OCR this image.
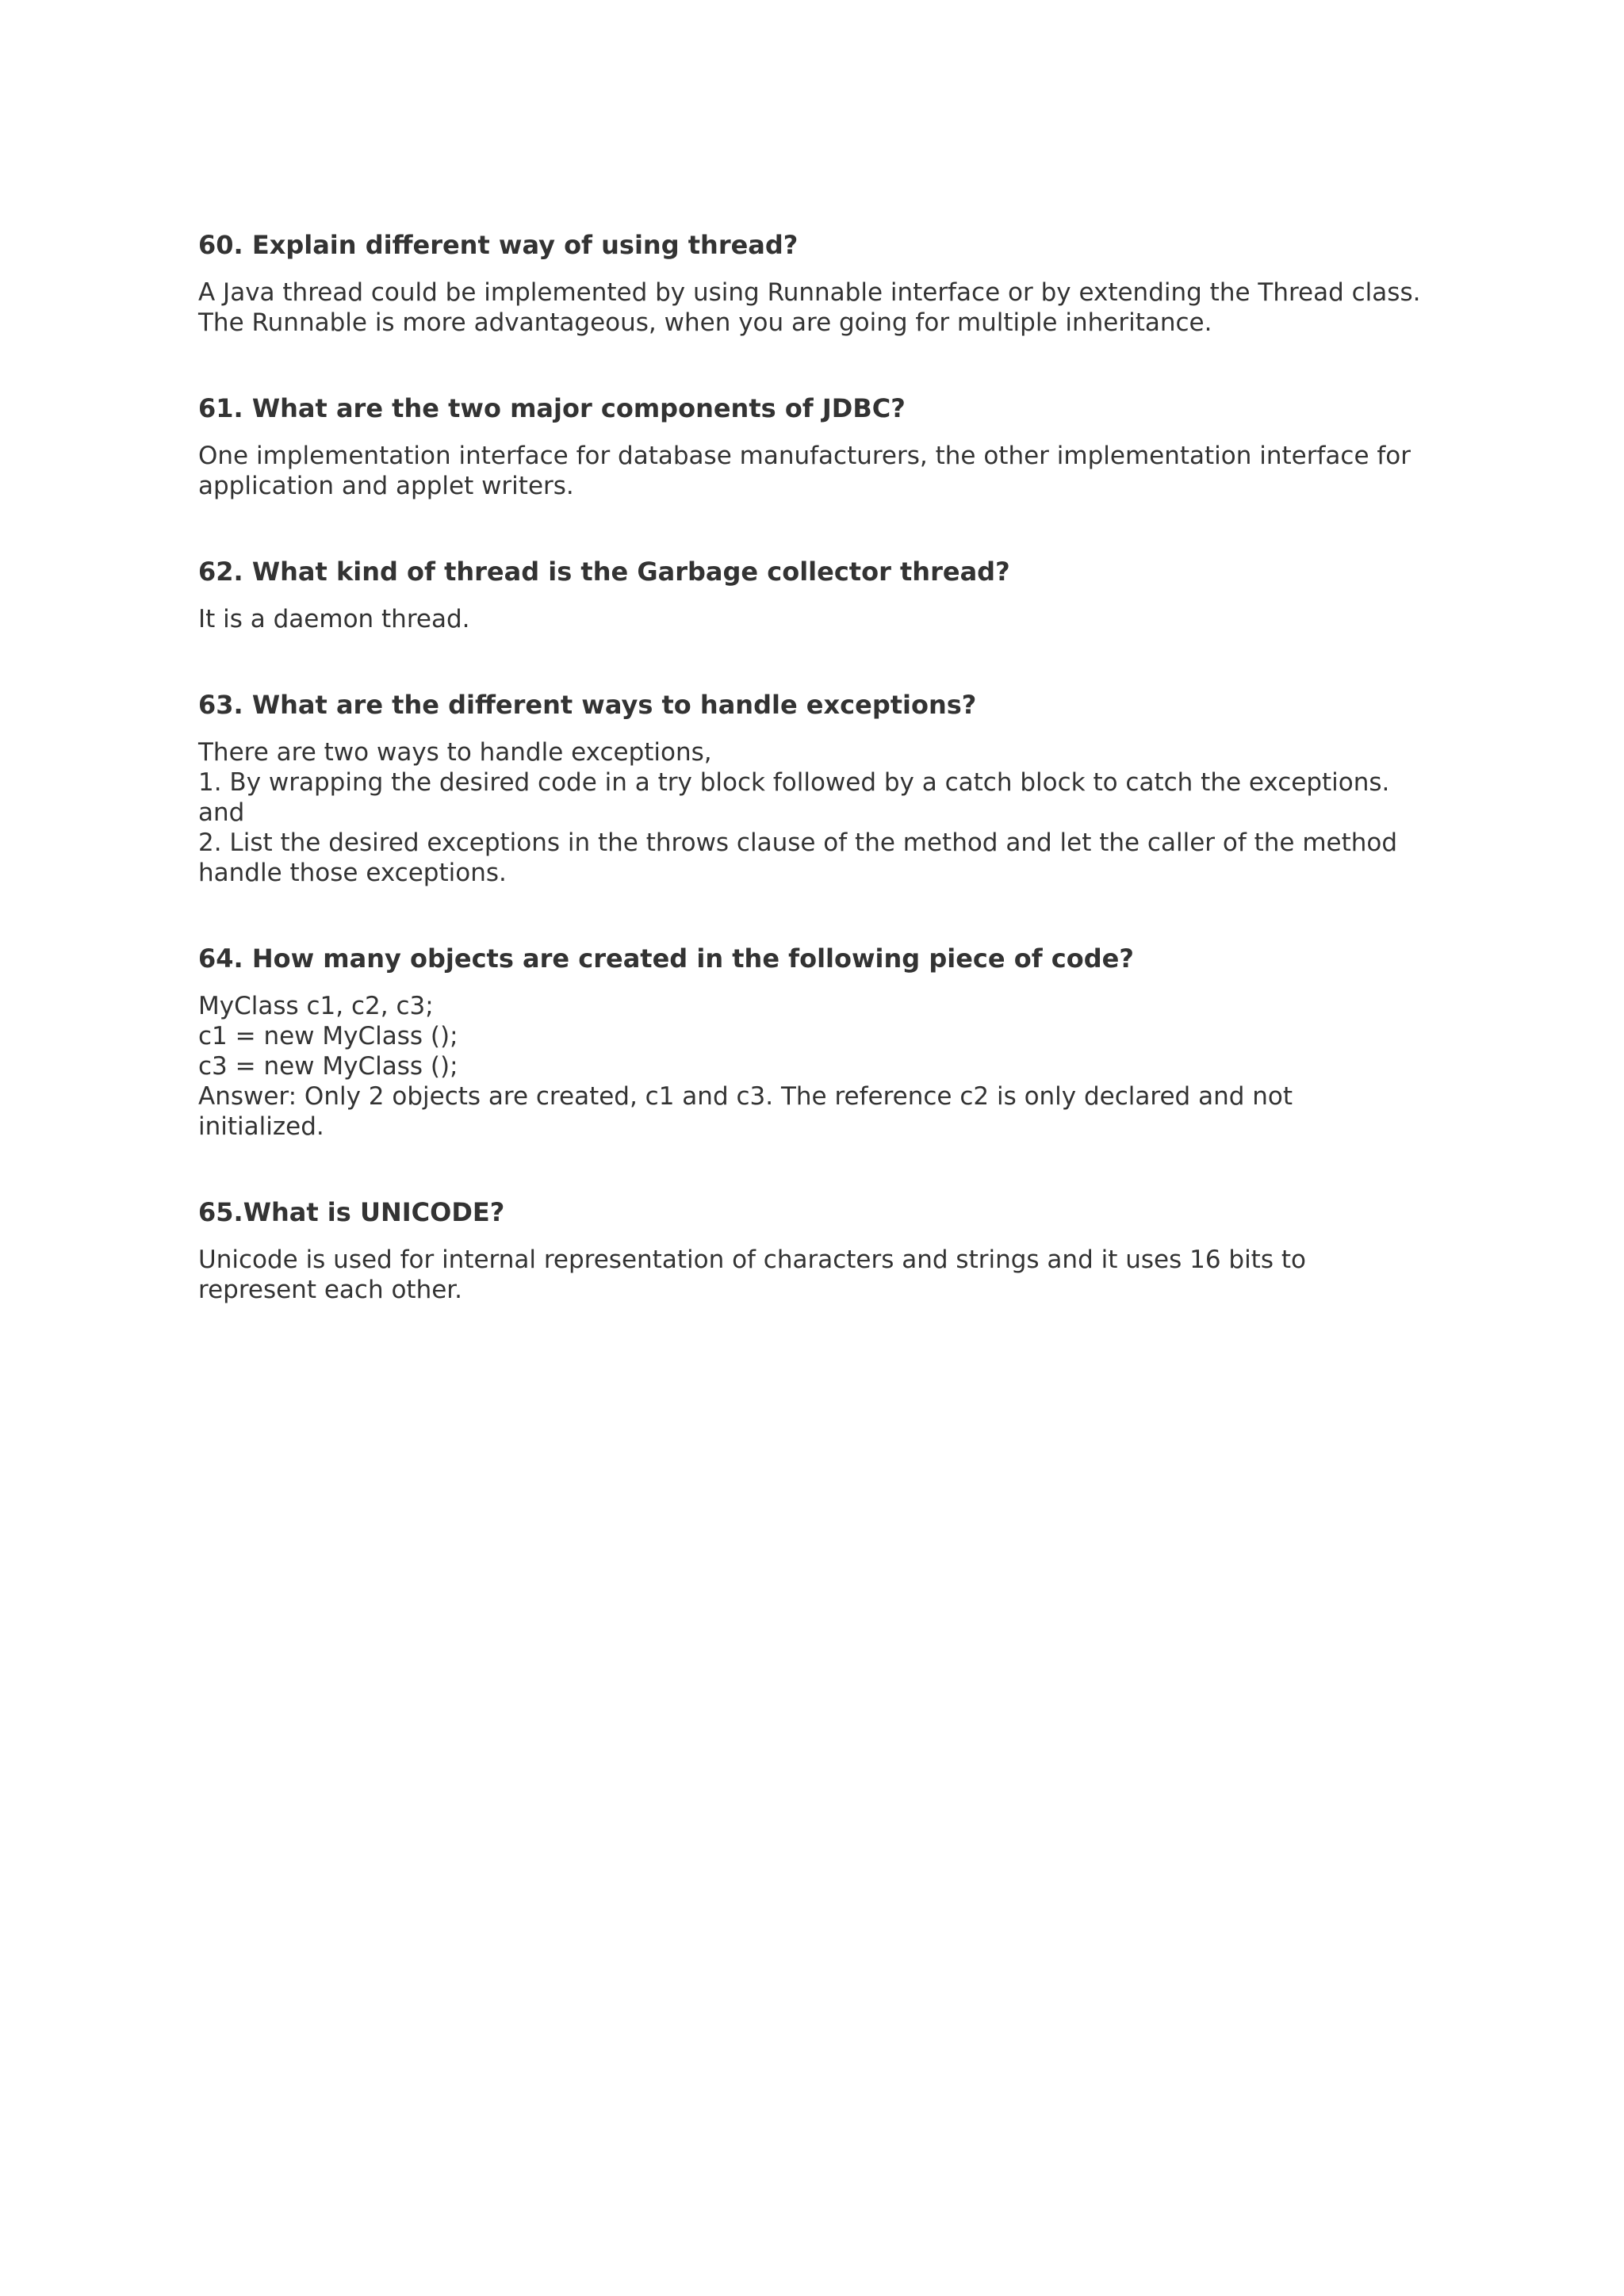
60. Explain different way of using thread?

A Java thread could be implemented by using Runnable interface or by extending the Thread class.

The Runnable is more advantageous, when you are going for multiple inheritance.

61. What are the two major components of JDBC?

One implementation interface for database manufacturers, the other implementation interface for

application and applet writers.

62. What kind of thread is the Garbage collector thread?

It is a daemon thread.

63. What are the different ways to handle exceptions?

There are two ways to handle exceptions,

1. By wrapping the desired code in a try block followed by a catch block to catch the exceptions.

and

2. List the desired exceptions in the throws clause of the method and let the caller of the method

handle those exceptions.

64. How many objects are created in the following piece of code?

MyClass c1, c2, c3;

c1 = new MyClass ();

c3 = new MyClass ();

Answer: Only 2 objects are created, c1 and c3. The reference c2 is only declared and not

initialized.

65.What is UNICODE?

Unicode is used for internal representation of characters and strings and it uses 16 bits to

represent each other.
